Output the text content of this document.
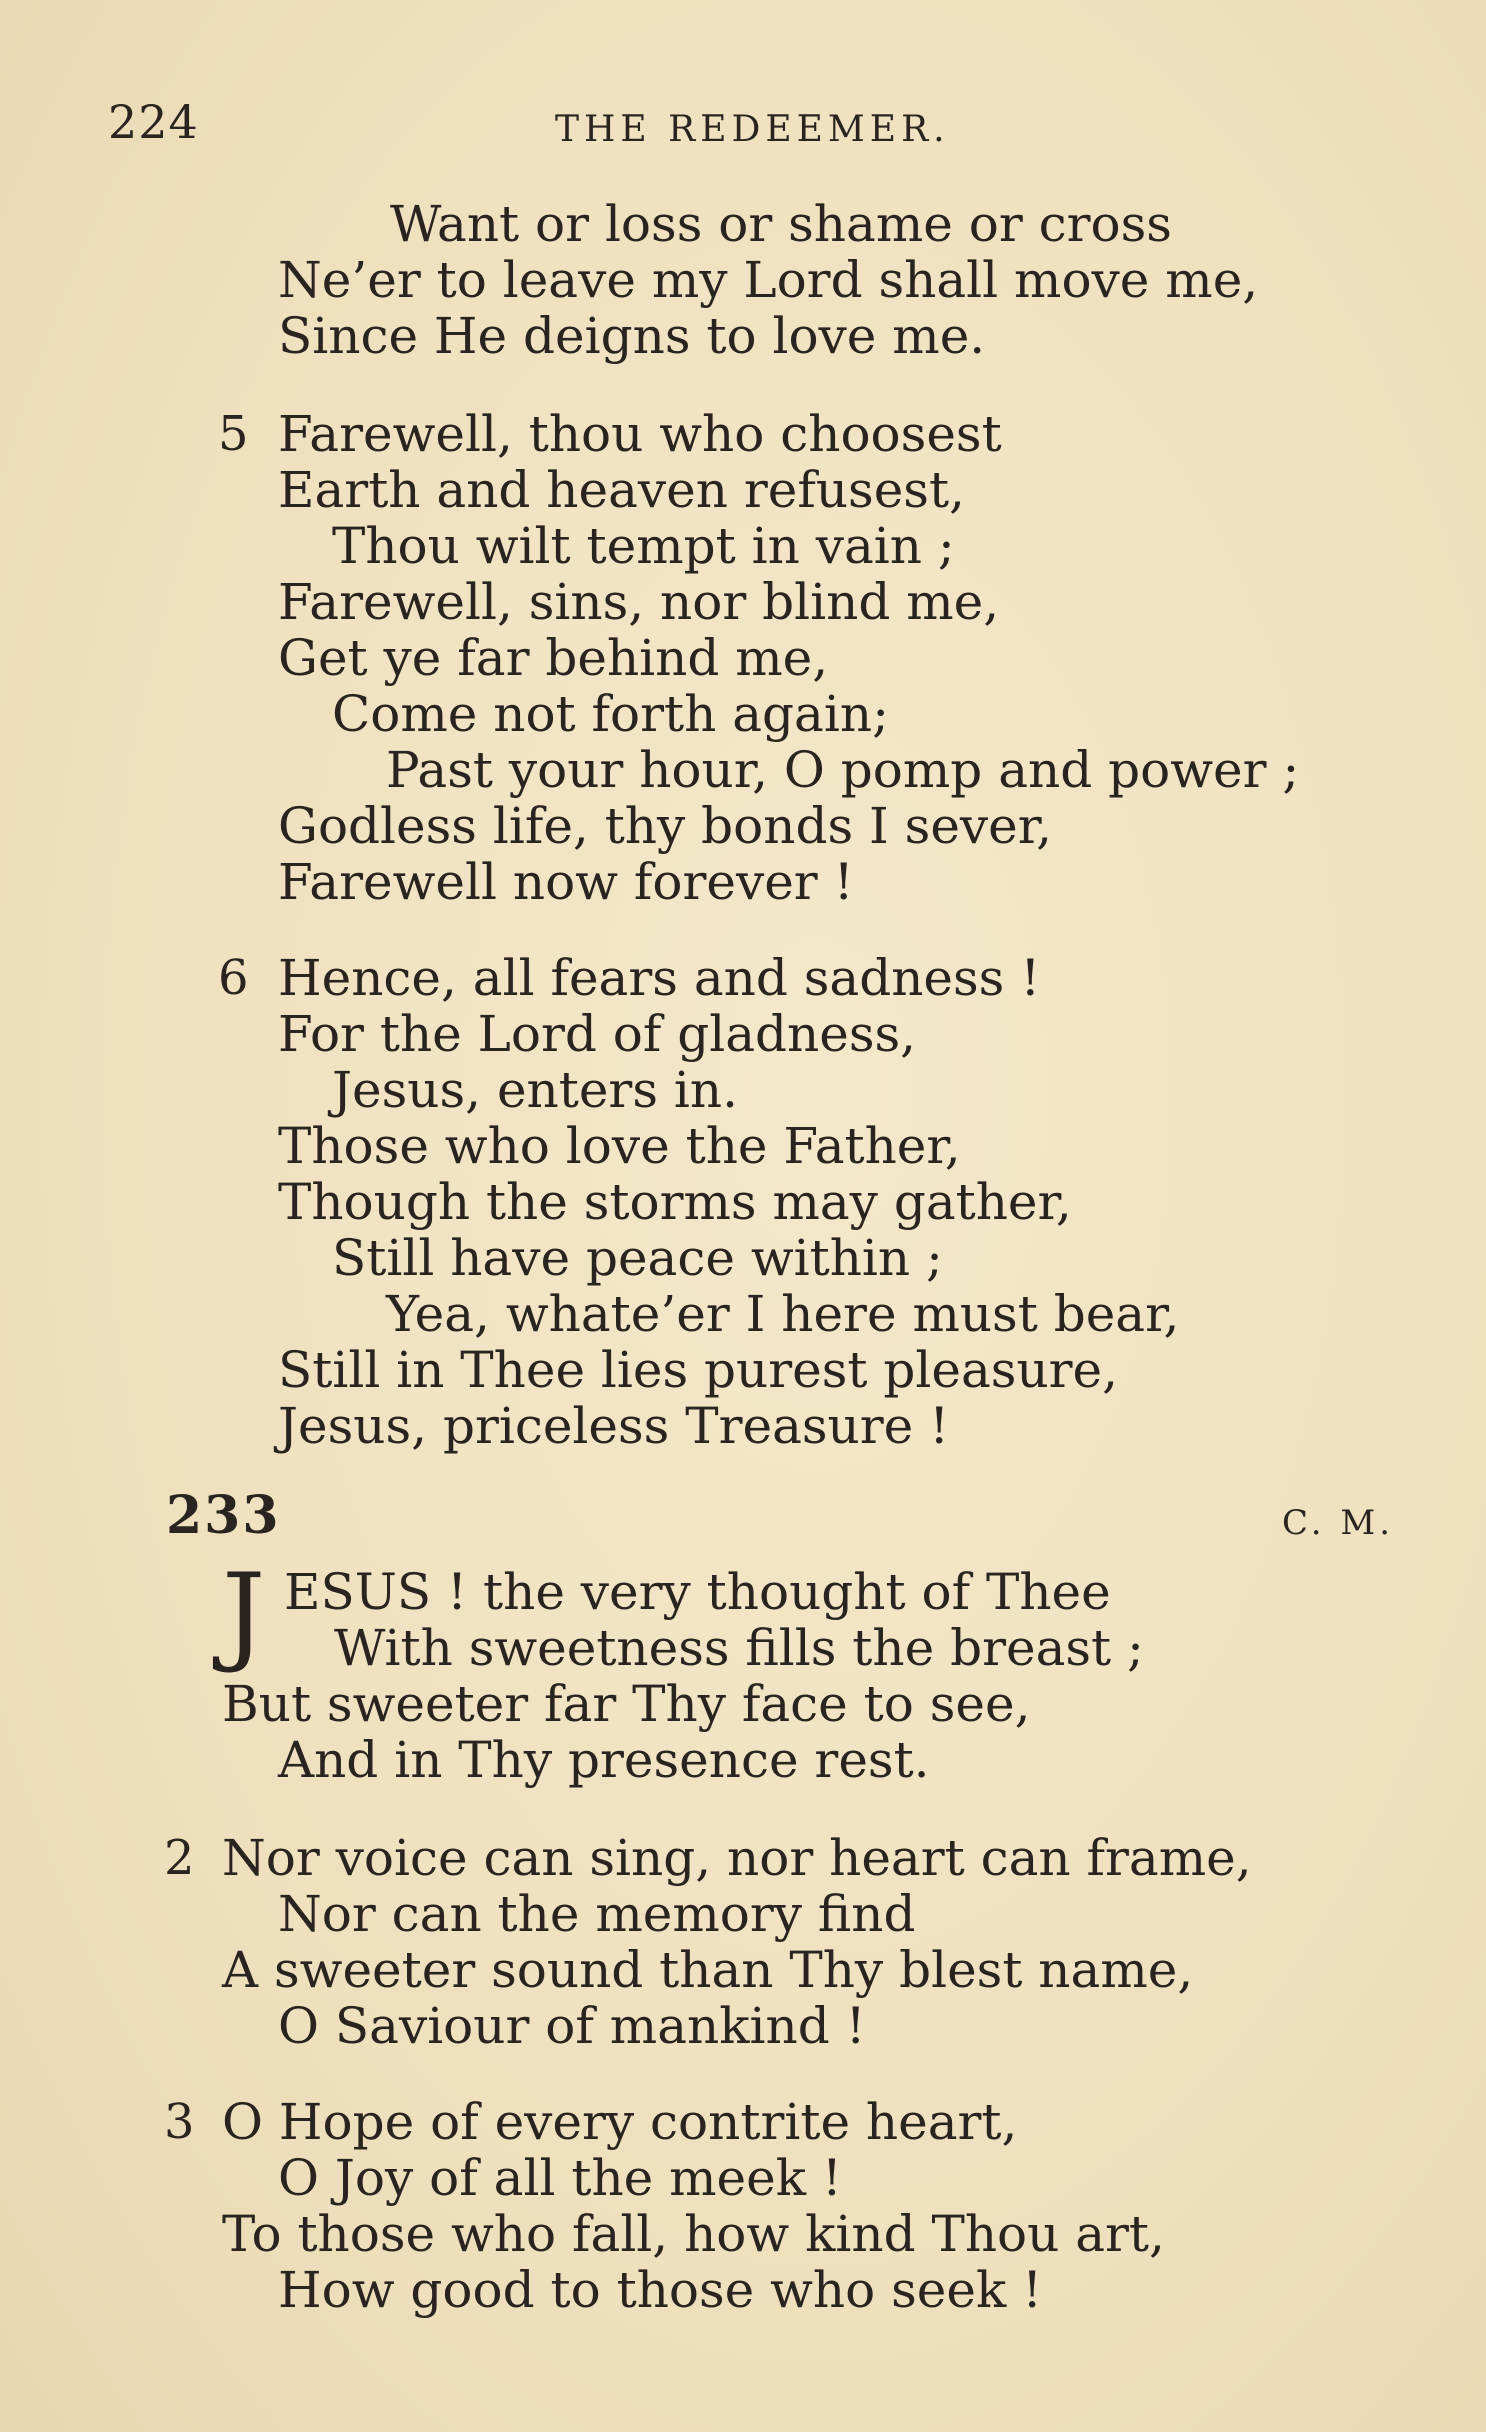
224	THE REDEEMER.
Want or loss or shame or cross
Ne’er to leave my Lord shall move me,
Since He deigns to love me.
5 Farewell, thou who choosest
Earth and heaven refusest,
Thou wilt tempt in vain ;
Farewell, sins, nor blind me,
Get ye far behind me,
Come not forth again;
Past your hour, O pomp and power ;
Godless life, thy bonds I sever,
Farewell now forever !
6 Hence, all fears and sadness !
For the Lord of gladness,
Jesus, enters in.
Those who love the Father,
Though the storms may gather,
Still have peace within ;
Yea, whate’er I here must bear,
Still in Thee lies purest pleasure,
Jesus, priceless Treasure !
233	C. M.
J ESUS ! the very thought of Thee
With sweetness fills the breast ;
But sweeter far Thy face to see,
And in Thy presence rest.
2 Nor voice can sing, nor heart can frame,
Nor can the memory find
A sweeter sound than Thy blest name,
O Saviour of mankind !
3 O Hope of every contrite heart,
O Joy of all the meek !
To those who fall, how kind Thou art,
How good to those who seek !
